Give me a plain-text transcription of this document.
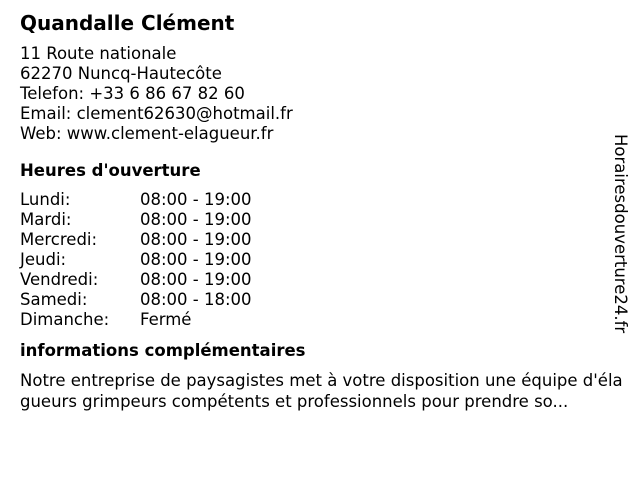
Quandalle Clément
11 Route nationale
62270 Nuncq-Hautecôte
Telefon: +33 6 86 67 82 60
Email: clement62630@hotmail.fr
Web: www.clement-elagueur.fr
Heures d'ouverture
Lundi:	08:00 - 19:00
Mardi:	08:00 - 19:00
Mercredi:	08:00 - 19:00
Jeudi:	08:00 - 19:00
Vendredi:	08:00 - 19:00
Samedi:	08:00 - 18:00
Dimanche:	Fermé
informations complémentaires
Notre entreprise de paysagistes met à votre disposition une équipe d'élagueurs grimpeurs compétents et professionnels pour prendre so...
Horairesdouverture24.fr
